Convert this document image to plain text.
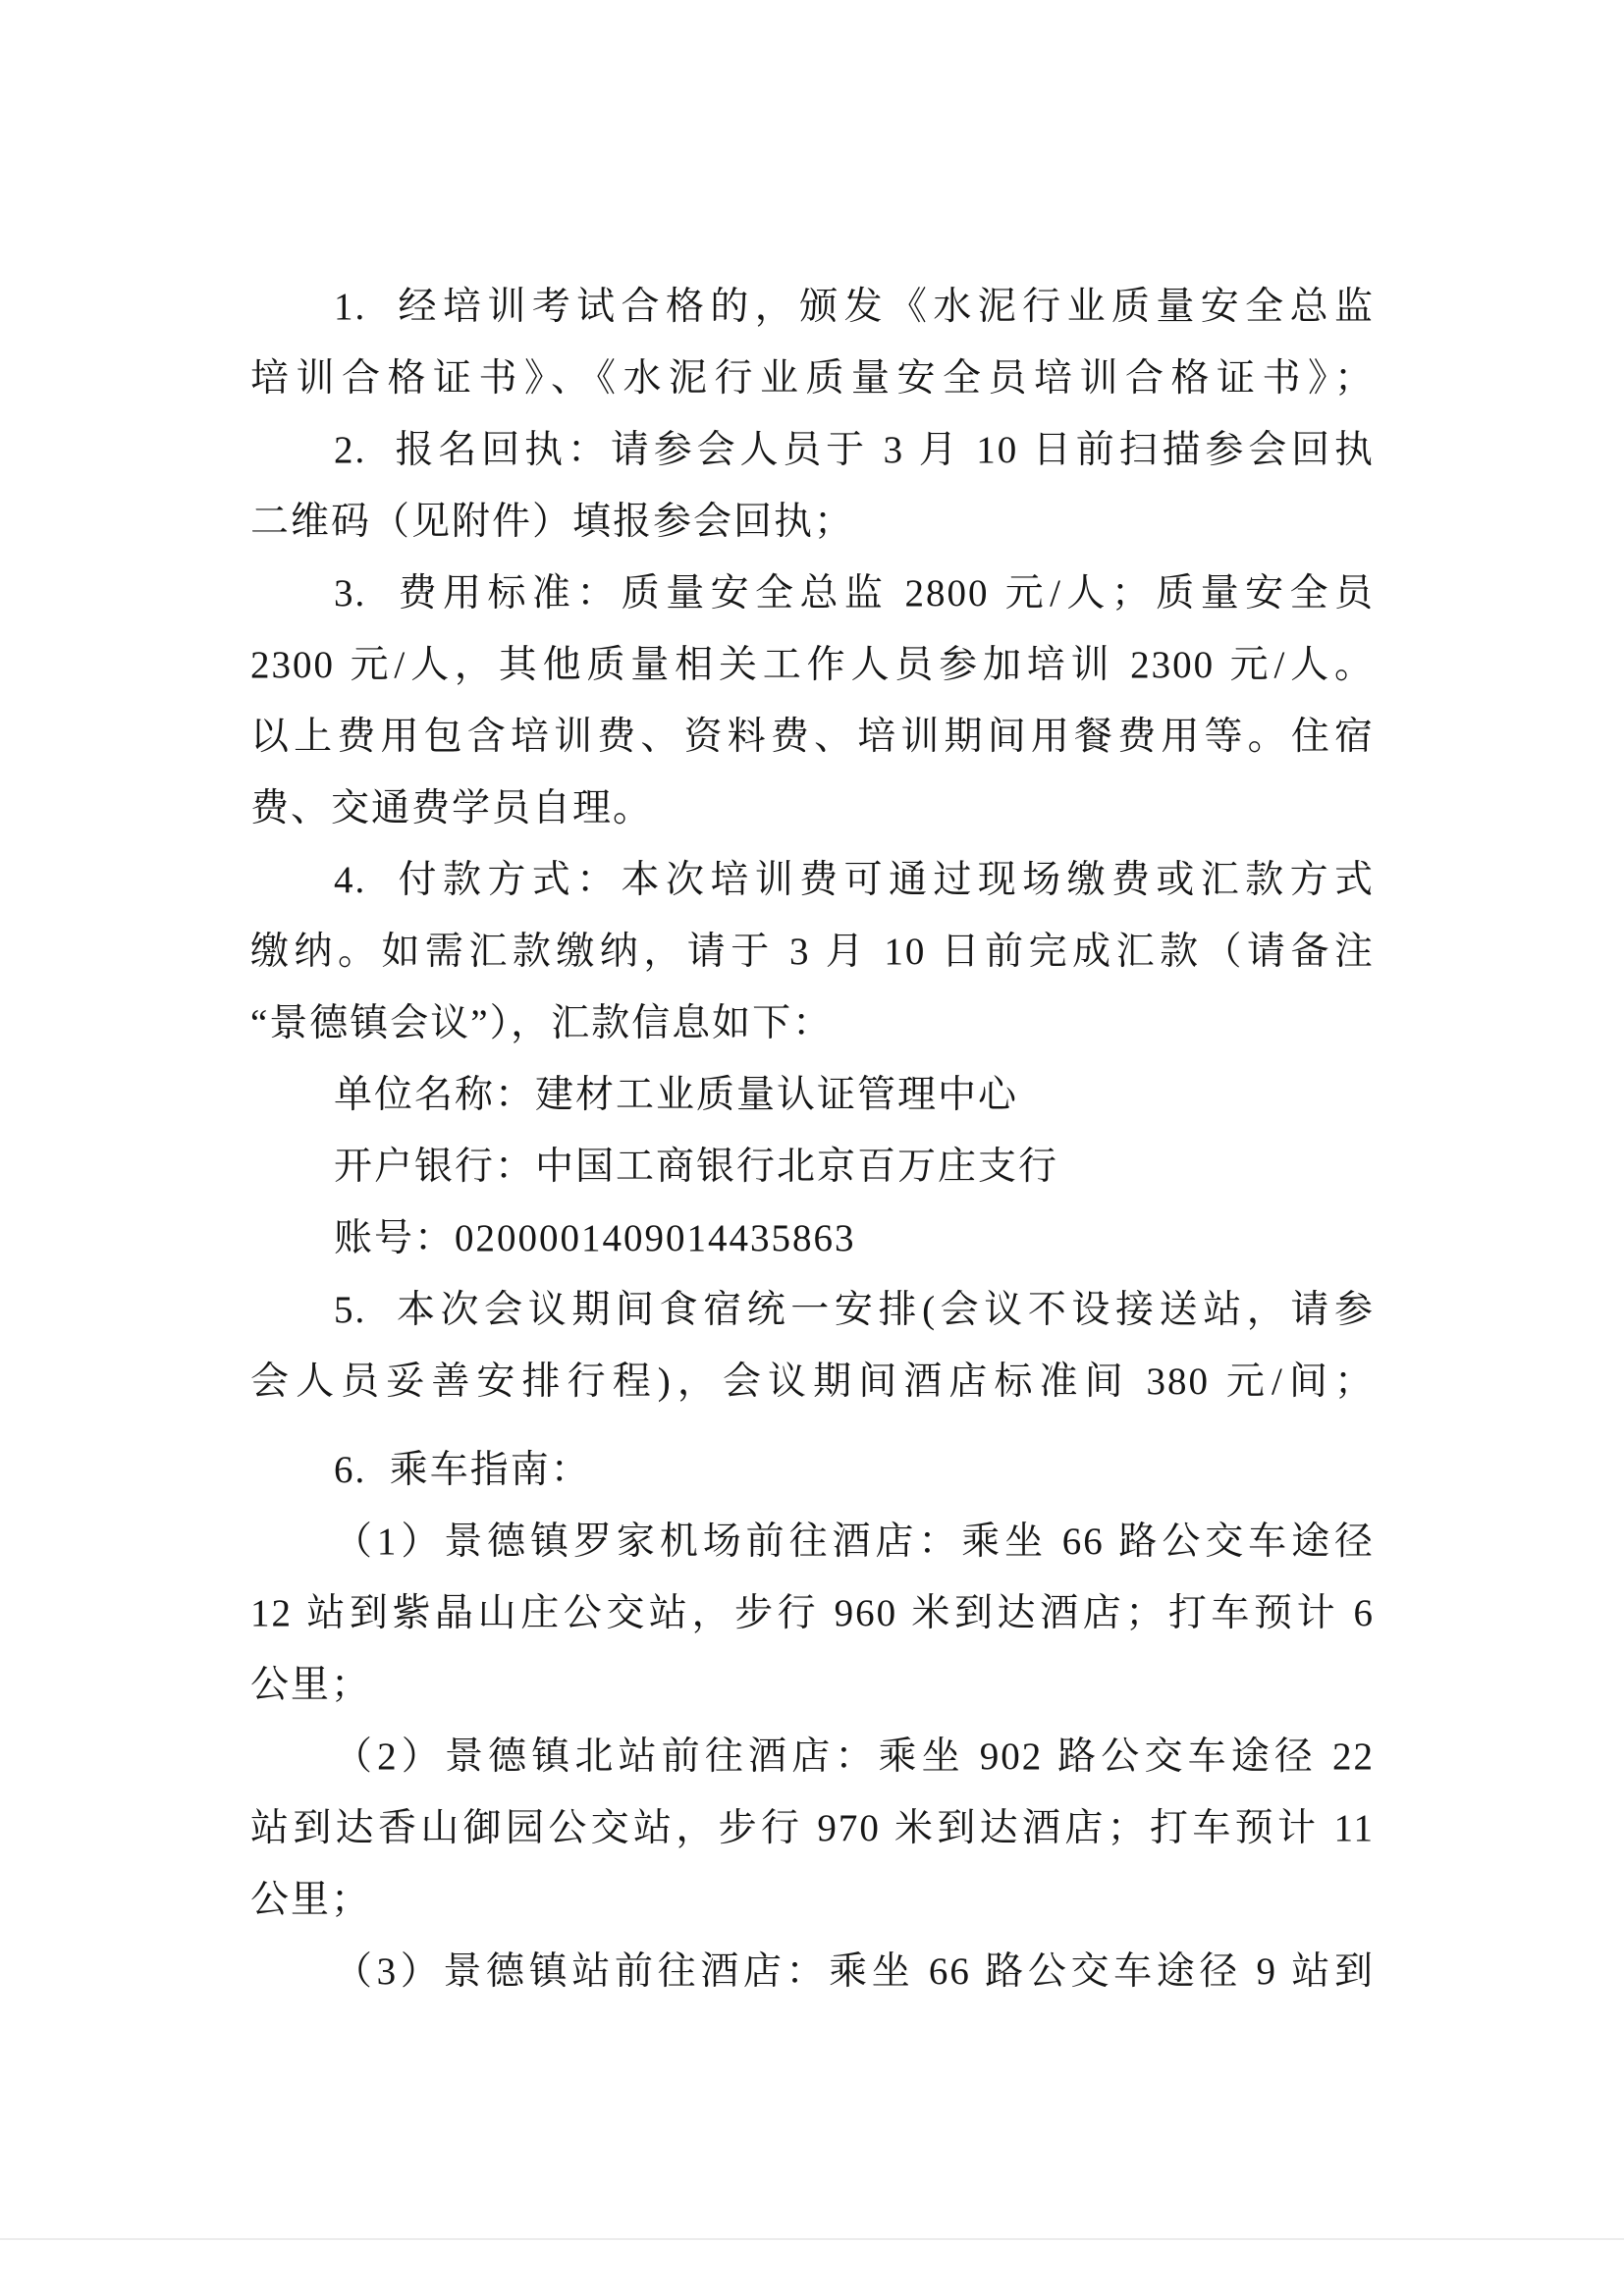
1.  经培训考试合格的，颁发《水泥行业质量安全总监
培训合格证书》、《水泥行业质量安全员培训合格证书》；
2.  报名回执：请参会人员于 3 月 10 日前扫描参会回执
二维码（见附件）填报参会回执；
3.  费用标准：质量安全总监 2800 元/人；质量安全员
2300 元/人，其他质量相关工作人员参加培训 2300 元/人。
以上费用包含培训费、资料费、培训期间用餐费用等。住宿
费、交通费学员自理。
4.  付款方式：本次培训费可通过现场缴费或汇款方式
缴纳。如需汇款缴纳，请于 3 月 10 日前完成汇款（请备注
“景德镇会议”），汇款信息如下：
单位名称：建材工业质量认证管理中心
开户银行：中国工商银行北京百万庄支行
账号：0200001409014435863
5.  本次会议期间食宿统一安排(会议不设接送站，请参
会人员妥善安排行程)，会议期间酒店标准间 380 元/间；
6.  乘车指南：
（1）景德镇罗家机场前往酒店：乘坐 66 路公交车途径
12 站到紫晶山庄公交站，步行 960 米到达酒店；打车预计 6
公里；
（2）景德镇北站前往酒店：乘坐 902 路公交车途径 22
站到达香山御园公交站，步行 970 米到达酒店；打车预计 11
公里；
（3）景德镇站前往酒店：乘坐 66 路公交车途径 9 站到
